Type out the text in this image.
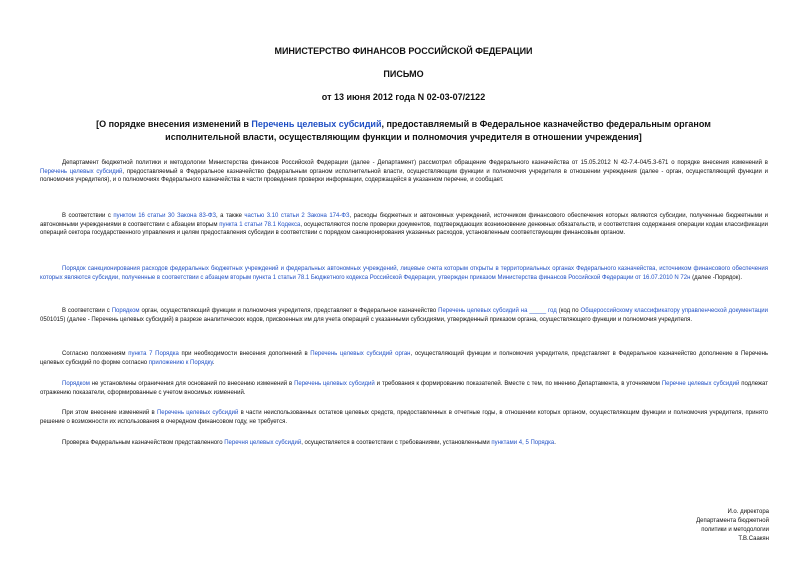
МИНИСТЕРСТВО ФИНАНСОВ РОССИЙСКОЙ ФЕДЕРАЦИИ
ПИСЬМО
от 13 июня 2012 года N 02-03-07/2122
[О порядке внесения изменений в Перечень целевых субсидий, предоставляемый в Федеральное казначейство федеральным органом исполнительной власти, осуществляющим функции и полномочия учредителя в отношении учреждения]

Департамент бюджетной политики и методологии Министерства финансов Российской Федерации (далее - Департамент) рассмотрел обращение Федерального казначейства от 15.05.2012 N 42-7.4-04/5.3-671 о порядке внесения изменений в Перечень целевых субсидий, предоставляемый в Федеральное казначейство федеральным органом исполнительной власти, осуществляющим функции и полномочия учредителя в отношении учреждения (далее - орган, осуществляющий функции и полномочия учредителя), и о полномочиях Федерального казначейства в части проведения проверки информации, содержащейся в указанном перечне, и сообщает.

В соответствии с пунктом 16 статьи 30 Закона 83-ФЗ, а также частью 3.10 статьи 2 Закона 174-ФЗ, расходы бюджетных и автономных учреждений, источником финансового обеспечения которых являются субсидии, полученные бюджетными и автономными учреждениями в соответствии с абзацем вторым пункта 1 статьи 78.1 Кодекса, осуществляются после проверки документов, подтверждающих возникновение денежных обязательств, и соответствия содержания операции кодам классификации операций сектора государственного управления и целям предоставления субсидии в соответствии с порядком санкционирования указанных расходов, установленным соответствующим финансовым органом.

Порядок санкционирования расходов федеральных бюджетных учреждений и федеральных автономных учреждений, лицевые счета которым открыты в территориальных органах Федерального казначейства, источником финансового обеспечения которых являются субсидии, полученные в соответствии с абзацем вторым пункта 1 статьи 78.1 Бюджетного кодекса Российской Федерации, утвержден приказом Министерства финансов Российской Федерации от 16.07.2010 N 72н (далее -Порядок).

В соответствии с Порядком орган, осуществляющий функции и полномочия учредителя, представляет в Федеральное казначейство Перечень целевых субсидий на _____ год (код по Общероссийскому классификатору управленческой документации 0501015) (далее - Перечень целевых субсидий) в разрезе аналитических кодов, присвоенных им для учета операций с указанными субсидиями, утвержденный приказом органа, осуществляющего функции и полномочия учредителя.

Согласно положениям пункта 7 Порядка при необходимости внесения дополнений в Перечень целевых субсидий орган, осуществляющий функции и полномочия учредителя, представляет в Федеральное казначейство дополнение в Перечень целевых субсидий по форме согласно приложению к Порядку.

Порядком не установлены ограничения для оснований по внесению изменений в Перечень целевых субсидий и требования к формированию показателей. Вместе с тем, по мнению Департамента, в уточняемом Перечне целевых субсидий подлежат отражению показатели, сформированные с учетом вносимых изменений.

При этом внесение изменений в Перечень целевых субсидий в части неиспользованных остатков целевых средств, предоставленных в отчетные годы, в отношении которых органом, осуществляющим функции и полномочия учредителя, принято решение о возможности их использования в очередном финансовом году, не требуется.

Проверка Федеральным казначейством представленного Перечня целевых субсидий, осуществляется в соответствии с требованиями, установленными пунктами 4, 5 Порядка.

И.о. директора
Департамента бюджетной
политики и методологии
Т.В.Саакян
